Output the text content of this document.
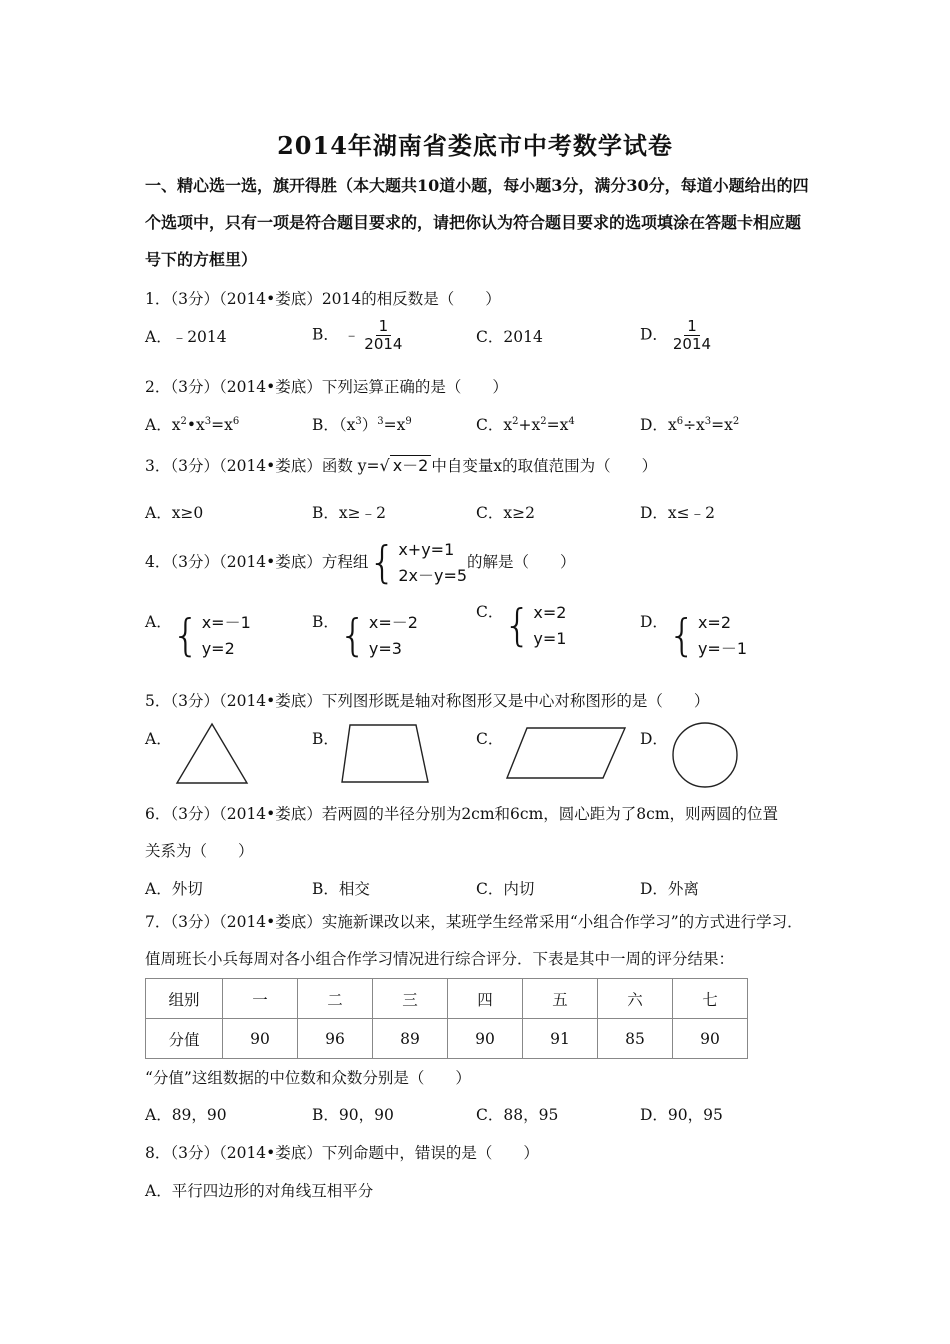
2014年湖南省娄底市中考数学试卷
一、精心选一选，旗开得胜（本大题共10道小题，每小题3分，满分30分，每道小题给出的四个选项中，只有一项是符合题目要求的，请把你认为符合题目要求的选项填涂在答题卡相应题号下的方框里）
1．（3分）（2014•娄底）2014的相反数是（　　）
A．﹣2014	B． ﹣ $\frac{1}{2014}$	C．2014	D． $\frac{1}{2014}$
2．（3分）（2014•娄底）下列运算正确的是（　　）
A．$x^2•x^3=x^6$	B．$(x^3)^3=x^9$	C．$x^2+x^2=x^4$	D．$x^6\div x^3=x^2$
3．（3分）（2014•娄底）函数 y=√ x－2 中自变量x的取值范围为（　　）
A．x≥0	B．x≥﹣2	C．x≥2	D．x≤﹣2
4．（3分）（2014•娄底）方程组 { x+y=1
2x－y=5
的解是（　　）
A． { x=－1
y=2
B． { x=－2
y=3
C． { x=2
y=1
D． { x=2
y=－1
5．（3分）（2014•娄底）下列图形既是轴对称图形又是中心对称图形的是（　　）
A．	B．	C．	D．
6．（3分）（2014•娄底）若两圆的半径分别为2cm和6cm，圆心距为了8cm，则两圆的位置
关系为（　　）
A．外切	B．相交	C．内切	D．外离
7．（3分）（2014•娄底）实施新课改以来，某班学生经常采用“小组合作学习”的方式进行学习．值周班长小兵每周对各小组合作学习情况进行综合评分．下表是其中一周的评分结果：
组别	一	二	三	四	五	六	七
分值	90	96	89	90	91	85	90
“分值”这组数据的中位数和众数分别是（　　）
A．89，90	B．90，90	C．88，95	D．90，95
8．（3分）（2014•娄底）下列命题中，错误的是（　　）
A．平行四边形的对角线互相平分
